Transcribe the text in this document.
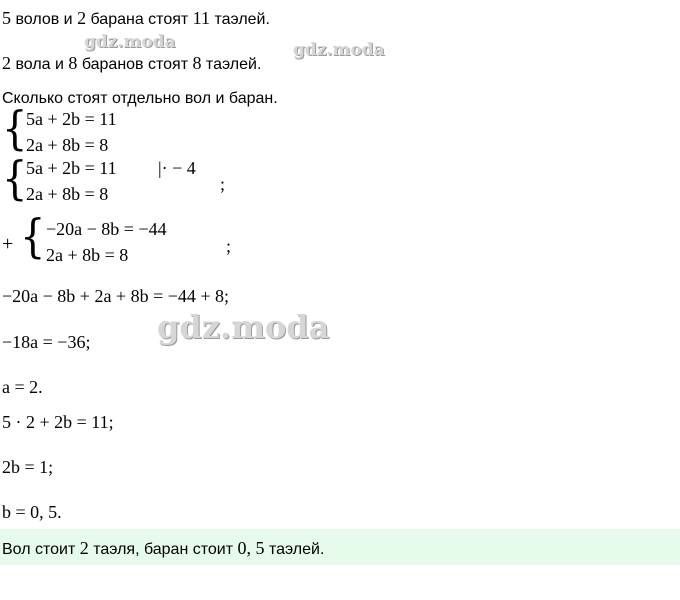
5 волов и 2 барана стоят 11 таэлей.
2 вола и 8 баранов стоят 8 таэлей.
Сколько стоят отдельно вол и баран.
{
5a + 2b = 11
2a + 8b = 8
{
5a + 2b = 11 |· − 4
2a + 8b = 8	;
+ { −20a − 8b = −44
2a + 8b = 8	;
−20a − 8b + 2a + 8b = −44 + 8;
−18a = −36;
a = 2.
5 · 2 + 2b = 11;
2b = 1;
b = 0, 5.
Вол стоит 2 таэля, баран стоит 0, 5 таэлей.
gdz.moda	gdz.moda
gdz.moda
